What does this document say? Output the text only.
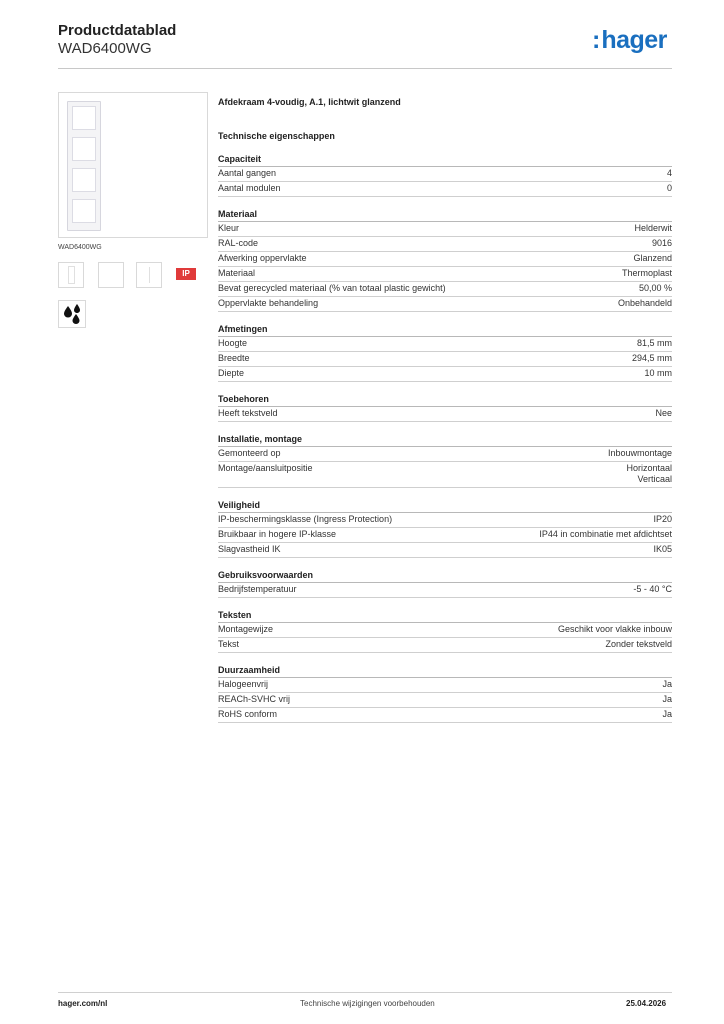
Productdatablad
WAD6400WG	:hager
WAD6400WG
IP
Afdekraam 4-voudig, A.1, lichtwit glanzend
Technische eigenschappen
Capaciteit
Aantal gangen	4
Aantal modulen	0
Materiaal
Kleur	Helderwit
RAL-code	9016
Afwerking oppervlakte	Glanzend
Materiaal	Thermoplast
Bevat gerecycled materiaal (% van totaal plastic gewicht)	50,00 %
Oppervlakte behandeling	Onbehandeld
Afmetingen
Hoogte	81,5 mm
Breedte	294,5 mm
Diepte	10 mm
Toebehoren
Heeft tekstveld	Nee
Installatie, montage
Gemonteerd op	Inbouwmontage
Montage/aansluitpositie	Horizontaal
Verticaal
Veiligheid
IP-beschermingsklasse (Ingress Protection)	IP20
Bruikbaar in hogere IP-klasse	IP44 in combinatie met afdichtset
Slagvastheid IK	IK05
Gebruiksvoorwaarden
Bedrijfstemperatuur	-5 - 40 °C
Teksten
Montagewijze	Geschikt voor vlakke inbouw
Tekst	Zonder tekstveld
Duurzaamheid
Halogeenvrij	Ja
REACh-SVHC vrij	Ja
RoHS conform	Ja
hager.com/nl	Technische wijzigingen voorbehouden	25.04.2026
